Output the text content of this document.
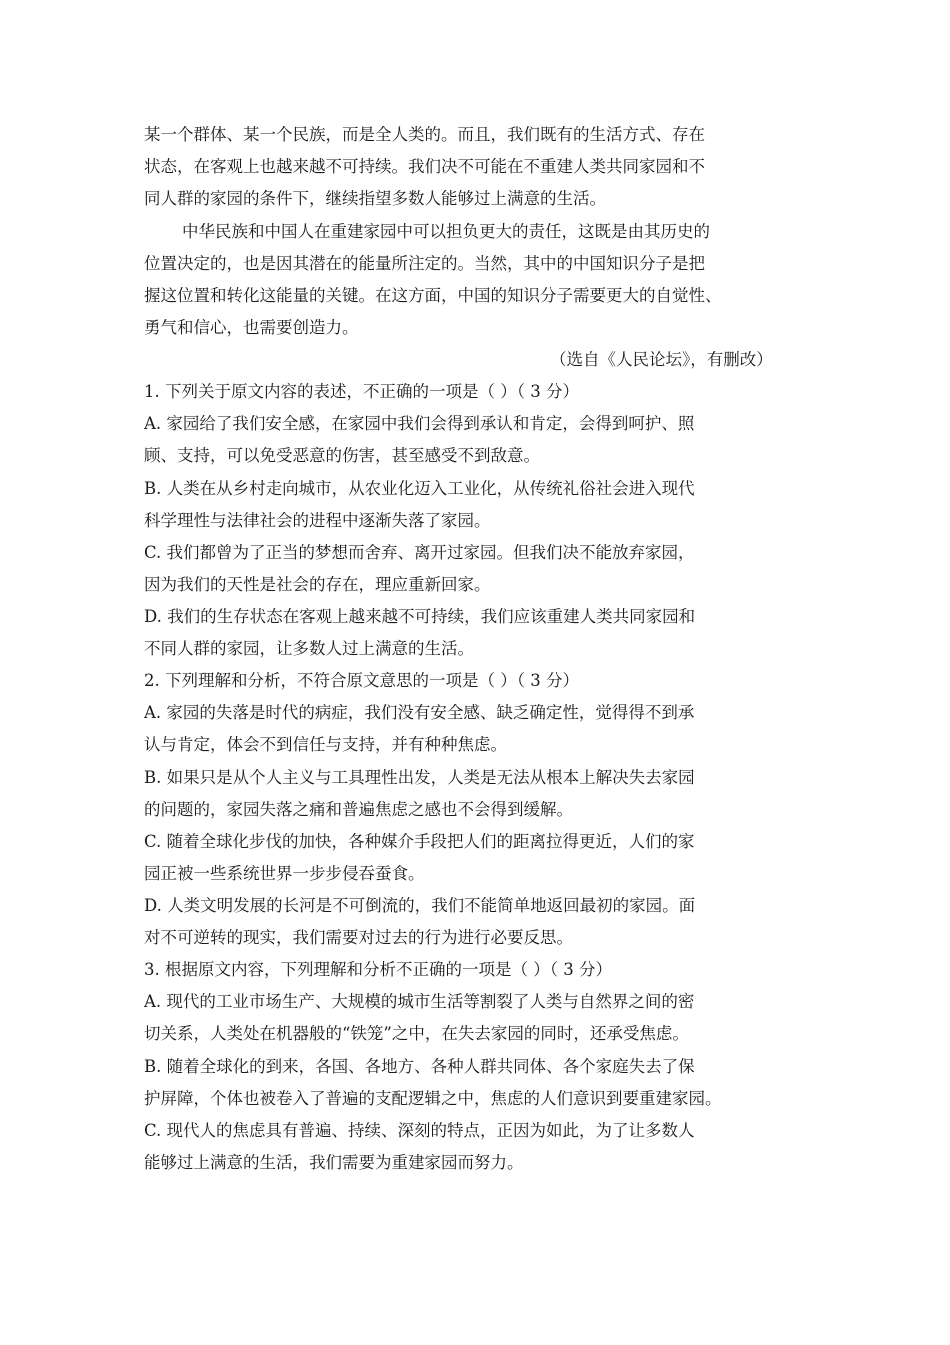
某一个群体、某一个民族，而是全人类的。而且，我们既有的生活方式、存在

状态，在客观上也越来越不可持续。我们决不可能在不重建人类共同家园和不

同人群的家园的条件下，继续指望多数人能够过上满意的生活。

中华民族和中国人在重建家园中可以担负更大的责任，这既是由其历史的

位置决定的，也是因其潜在的能量所注定的。当然，其中的中国知识分子是把

握这位置和转化这能量的关键。在这方面，中国的知识分子需要更大的自觉性、

勇气和信心，也需要创造力。

（选自《人民论坛》，有删改）

1. 下列关于原文内容的表述，不正确的一项是（ ）（ 3 分）

A. 家园给了我们安全感，在家园中我们会得到承认和肯定，会得到呵护、照

顾、支持，可以免受恶意的伤害，甚至感受不到敌意。

B. 人类在从乡村走向城市，从农业化迈入工业化，从传统礼俗社会进入现代

科学理性与法律社会的进程中逐渐失落了家园。

C. 我们都曾为了正当的梦想而舍弃、离开过家园。但我们决不能放弃家园，

因为我们的天性是社会的存在，理应重新回家。

D. 我们的生存状态在客观上越来越不可持续，我们应该重建人类共同家园和

不同人群的家园，让多数人过上满意的生活。

2. 下列理解和分析，不符合原文意思的一项是（ ）（ 3 分）

A. 家园的失落是时代的病症，我们没有安全感、缺乏确定性，觉得得不到承

认与肯定，体会不到信任与支持，并有种种焦虑。

B. 如果只是从个人主义与工具理性出发，人类是无法从根本上解决失去家园

的问题的，家园失落之痛和普遍焦虑之感也不会得到缓解。

C. 随着全球化步伐的加快，各种媒介手段把人们的距离拉得更近，人们的家

园正被一些系统世界一步步侵吞蚕食。

D. 人类文明发展的长河是不可倒流的，我们不能简单地返回最初的家园。面

对不可逆转的现实，我们需要对过去的行为进行必要反思。

3. 根据原文内容，下列理解和分析不正确的一项是（ ）（ 3 分）

A. 现代的工业市场生产、大规模的城市生活等割裂了人类与自然界之间的密

切关系，人类处在机器般的“铁笼”之中，在失去家园的同时，还承受焦虑。

B. 随着全球化的到来，各国、各地方、各种人群共同体、各个家庭失去了保

护屏障，个体也被卷入了普遍的支配逻辑之中，焦虑的人们意识到要重建家园。

C. 现代人的焦虑具有普遍、持续、深刻的特点，正因为如此，为了让多数人

能够过上满意的生活，我们需要为重建家园而努力。
